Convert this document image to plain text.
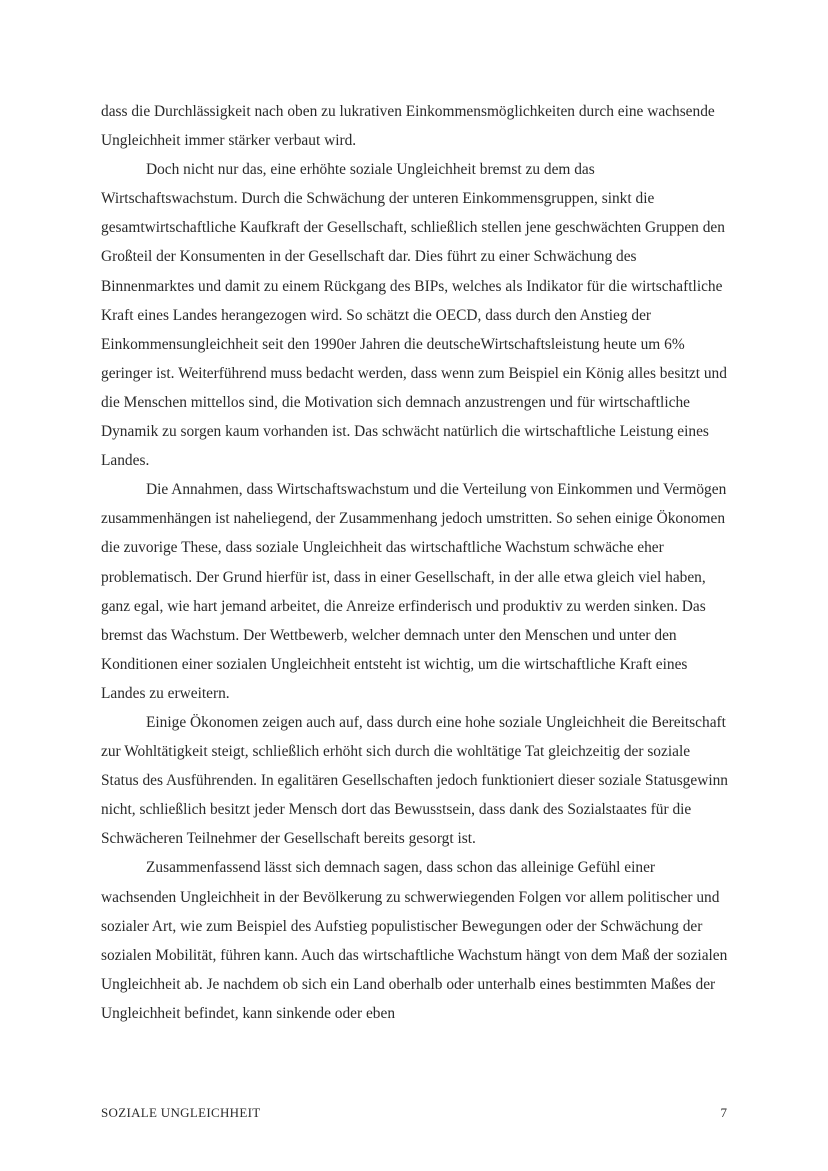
dass die Durchlässigkeit nach oben zu lukrativen Einkommensmöglichkeiten durch eine wachsende Ungleichheit immer stärker verbaut wird.

Doch nicht nur das, eine erhöhte soziale Ungleichheit bremst zu dem das Wirtschaftswachstum. Durch die Schwächung der unteren Einkommensgruppen, sinkt die gesamtwirtschaftliche Kaufkraft der Gesellschaft, schließlich stellen jene geschwächten Gruppen den Großteil der Konsumenten in der Gesellschaft dar. Dies führt zu einer Schwächung des Binnenmarktes und damit zu einem Rückgang des BIPs, welches als Indikator für die wirtschaftliche Kraft eines Landes herangezogen wird. So schätzt die OECD, dass durch den Anstieg der Einkommensungleichheit seit den 1990er Jahren die deutscheWirtschaftsleistung heute um 6% geringer ist. Weiterführend muss bedacht werden, dass wenn zum Beispiel ein König alles besitzt und die Menschen mittellos sind, die Motivation sich demnach anzustrengen und für wirtschaftliche Dynamik zu sorgen kaum vorhanden ist. Das schwächt natürlich die wirtschaftliche Leistung eines Landes.

Die Annahmen, dass Wirtschaftswachstum und die Verteilung von Einkommen und Vermögen zusammenhängen ist naheliegend, der Zusammenhang jedoch umstritten. So sehen einige Ökonomen die zuvorige These, dass soziale Ungleichheit das wirtschaftliche Wachstum schwäche eher problematisch. Der Grund hierfür ist, dass in einer Gesellschaft, in der alle etwa gleich viel haben, ganz egal, wie hart jemand arbeitet, die Anreize erfinderisch und produktiv zu werden sinken. Das bremst das Wachstum. Der Wettbewerb, welcher demnach unter den Menschen und unter den Konditionen einer sozialen Ungleichheit entsteht ist wichtig, um die wirtschaftliche Kraft eines Landes zu erweitern.

Einige Ökonomen zeigen auch auf, dass durch eine hohe soziale Ungleichheit die Bereitschaft zur Wohltätigkeit steigt, schließlich erhöht sich durch die wohltätige Tat gleichzeitig der soziale Status des Ausführenden. In egalitären Gesellschaften jedoch funktioniert dieser soziale Statusgewinn nicht, schließlich besitzt jeder Mensch dort das Bewusstsein, dass dank des Sozialstaates für die Schwächeren Teilnehmer der Gesellschaft bereits gesorgt ist.

Zusammenfassend lässt sich demnach sagen, dass schon das alleinige Gefühl einer wachsenden Ungleichheit in der Bevölkerung zu schwerwiegenden Folgen vor allem politischer und sozialer Art, wie zum Beispiel des Aufstieg populistischer Bewegungen oder der Schwächung der sozialen Mobilität, führen kann. Auch das wirtschaftliche Wachstum hängt von dem Maß der sozialen Ungleichheit ab. Je nachdem ob sich ein Land oberhalb oder unterhalb eines bestimmten Maßes der Ungleichheit befindet, kann sinkende oder eben

SOZIALE UNGLEICHHEIT	7
